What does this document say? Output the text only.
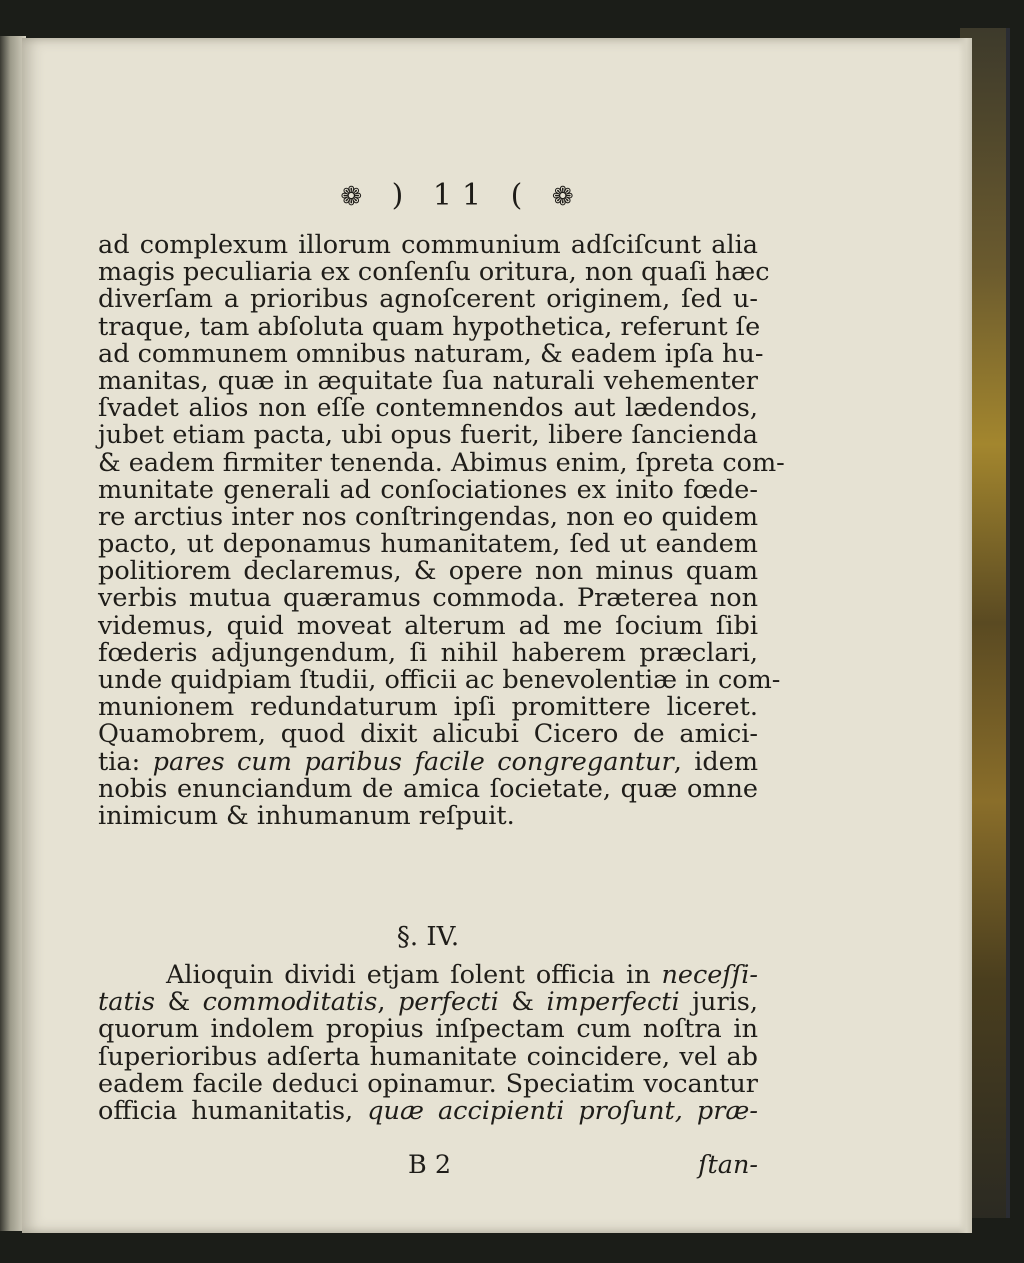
❁ ) 11 ( ❁
ad complexum illorum communium adſciſcunt alia
magis peculiaria ex conſenſu oritura, non quaſi hæc
diverſam a prioribus agnoſcerent originem, ſed u-
traque, tam abſoluta quam hypothetica, referunt ſe
ad communem omnibus naturam, & eadem ipſa hu-
manitas, quæ in æquitate ſua naturali vehementer
ſvadet alios non eſſe contemnendos aut lædendos,
jubet etiam pacta, ubi opus fuerit, libere ſancienda
& eadem firmiter tenenda. Abimus enim, ſpreta com-
munitate generali ad conſociationes ex inito fœde-
re arctius inter nos conſtringendas, non eo quidem
pacto, ut deponamus humanitatem, ſed ut eandem
politiorem declaremus, & opere non minus quam
verbis mutua quæramus commoda. Præterea non
videmus, quid moveat alterum ad me ſocium ſibi
fœderis adjungendum, ſi nihil haberem præclari,
unde quidpiam ſtudii, officii ac benevolentiæ in com-
munionem redundaturum ipſi promittere liceret.
Quamobrem, quod dixit alicubi Cicero de amici-
tia: pares cum paribus facile congregantur, idem
nobis enunciandum de amica ſocietate, quæ omne
inimicum & inhumanum reſpuit.
§. IV.
Alioquin dividi etjam ſolent officia in neceſſi-
tatis & commoditatis, perfecti & imperfecti juris,
quorum indolem propius inſpectam cum noſtra in
ſuperioribus adſerta humanitate coincidere, vel ab
eadem facile deduci opinamur. Speciatim vocantur
officia humanitatis, quæ accipienti proſunt, præ-
B 2	ſtan-
